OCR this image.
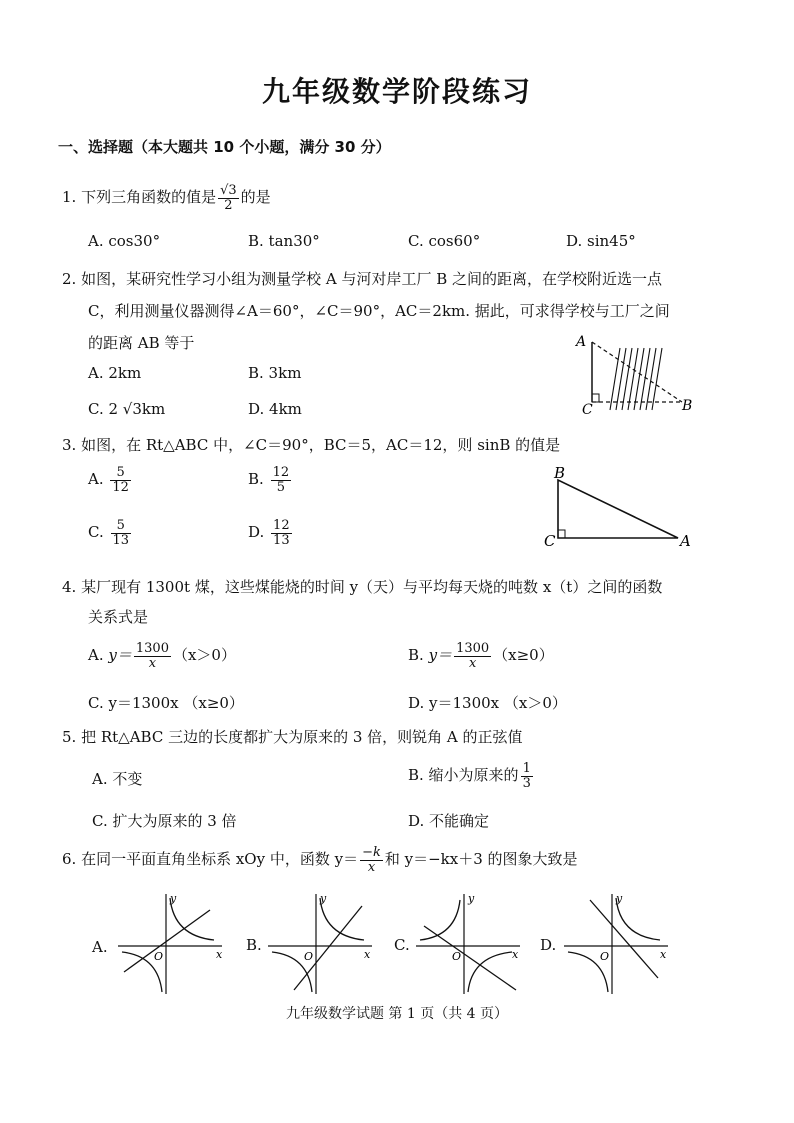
九年级数学阶段练习
一、选择题（本大题共 10 个小题，满分 30 分）
1. 下列三角函数的值是 $\frac{√3}{2}$ 的是
A. cos30°	B. tan30°	C. cos60°	D. sin45°
2. 如图，某研究性学习小组为测量学校 A 与河对岸工厂 B 之间的距离，在学校附近选一点
C，利用测量仪器测得∠A＝60°，∠C＝90°，AC＝2km. 据此，可求得学校与工厂之间
的距离 AB 等于
A. 2km	B. 3km
C. 2 √3km	D. 4km
A
C	B
3. 如图，在 Rt△ABC 中，∠C＝90°，BC＝5，AC＝12，则 sinB 的值是
A. $\frac{5}{12}$	B. $\frac{12}{5}$
C. $\frac{5}{13}$	D. $\frac{12}{13}$
B
C	A
4. 某厂现有 1300t 煤，这些煤能烧的时间 y（天）与平均每天烧的吨数 x（t）之间的函数
关系式是
A. $y= \frac{1300}{x} (x>0)$	B. $y= \frac{1300}{x} (x\ge 0)$
C. y＝1300x （x≥0）	D. y＝1300x （x＞0）
5. 把 Rt△ABC 三边的长度都扩大为原来的 3 倍，则锐角 A 的正弦值
A. 不变	B. 缩小为原来的 $\frac{1}{3}$
C. 扩大为原来的 3 倍	D. 不能确定
6. 在同一平面直角坐标系 xOy 中，函数 $y= \frac{-k}{x}$ 和 y＝−kx＋3 的图象大致是
A.	x
y
O
B.
x
y
O
C.
x
y
O
D.
x
y
O
九年级数学试题 第 1 页（共 4 页）
